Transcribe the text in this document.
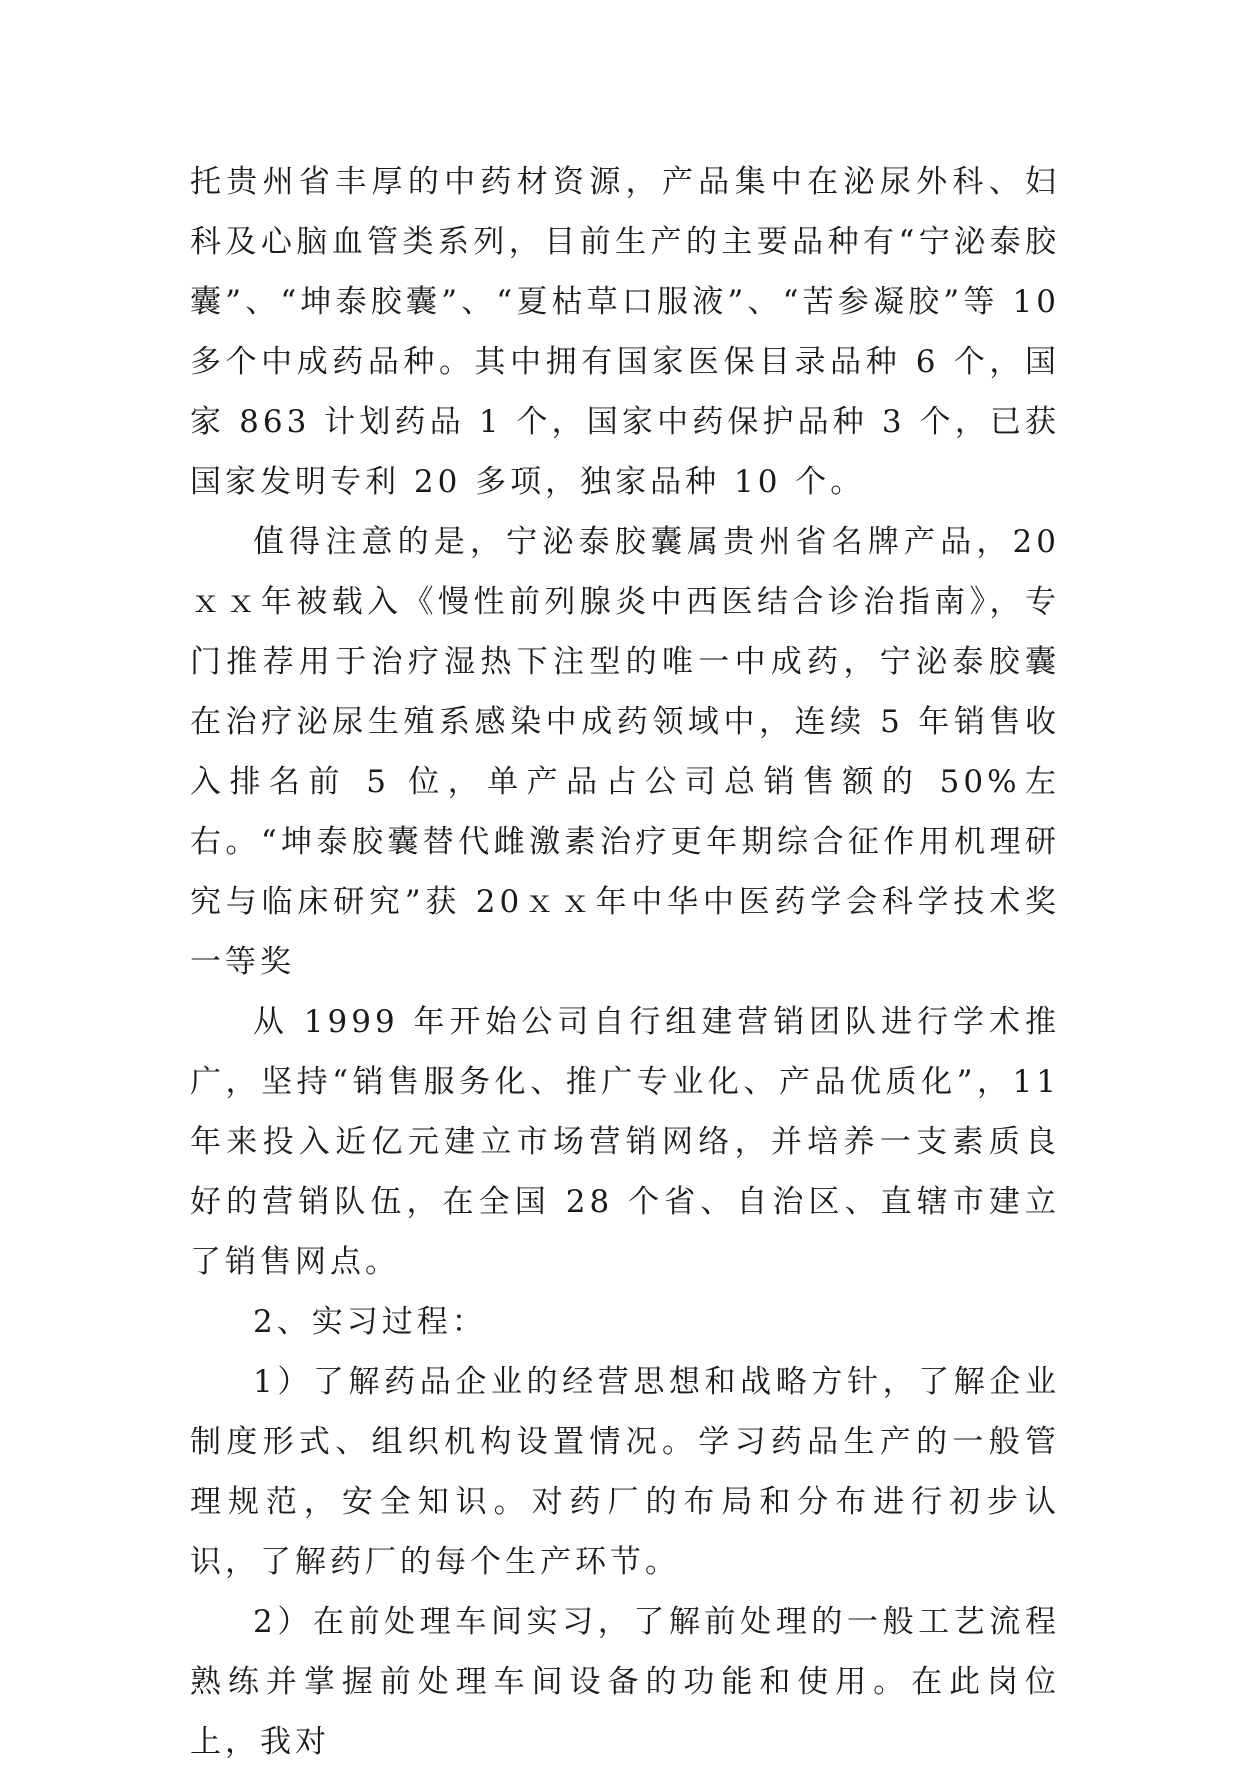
托贵州省丰厚的中药材资源，产品集中在泌尿外科、妇科及心脑血管类系列，目前生产的主要品种有“宁泌泰胶囊”、“坤泰胶囊”、“夏枯草口服液”、“苦参凝胶”等 10 多个中成药品种。其中拥有国家医保目录品种 6 个，国家 863 计划药品 1 个，国家中药保护品种 3 个，已获国家发明专利 20 多项，独家品种 10 个。

值得注意的是，宁泌泰胶囊属贵州省名牌产品，20ｘｘ年被载入《慢性前列腺炎中西医结合诊治指南》，专门推荐用于治疗湿热下注型的唯一中成药，宁泌泰胶囊在治疗泌尿生殖系感染中成药领域中，连续 5 年销售收入排名前 5 位，单产品占公司总销售额的 50%左右。“坤泰胶囊替代雌激素治疗更年期综合征作用机理研究与临床研究”获 20ｘｘ年中华中医药学会科学技术奖一等奖

从 1999 年开始公司自行组建营销团队进行学术推广，坚持“销售服务化、推广专业化、产品优质化”，11 年来投入近亿元建立市场营销网络，并培养一支素质良好的营销队伍，在全国 28 个省、自治区、直辖市建立了销售网点。

2、实习过程：

1）了解药品企业的经营思想和战略方针，了解企业制度形式、组织机构设置情况。学习药品生产的一般管理规范，安全知识。对药厂的布局和分布进行初步认识，了解药厂的每个生产环节。

2）在前处理车间实习，了解前处理的一般工艺流程熟练并掌握前处理车间设备的功能和使用。在此岗位上，我对
